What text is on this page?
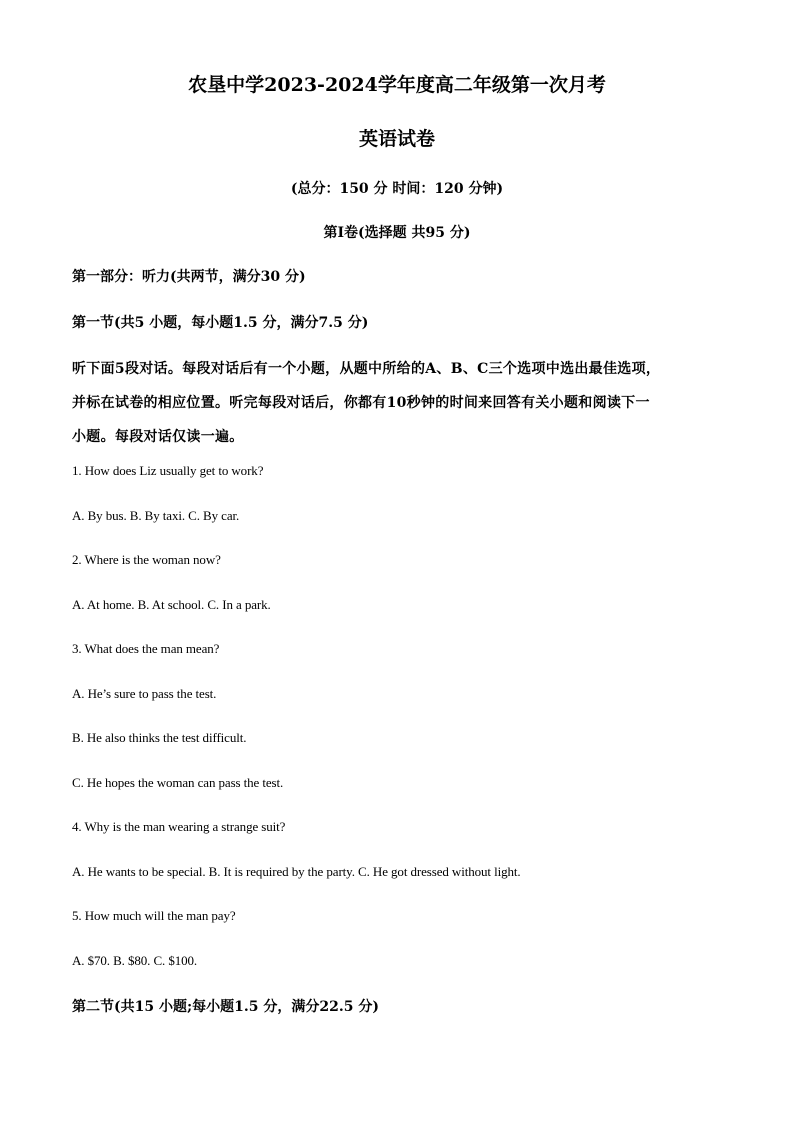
农垦中学2023-2024学年度高二年级第一次月考
英语试卷
(总分：150 分 时间：120 分钟)
第Ⅰ卷(选择题 共95 分)
第一部分：听力(共两节，满分30 分)
第一节(共5 小题，每小题1.5 分，满分7.5 分)
听下面5段对话。每段对话后有一个小题，从题中所给的A、B、C三个选项中选出最佳选项，
并标在试卷的相应位置。听完每段对话后，你都有10秒钟的时间来回答有关小题和阅读下一
小题。每段对话仅读一遍。
1. How does Liz usually get to work?
A. By bus. B. By taxi. C. By car.
2. Where is the woman now?
A. At home. B. At school. C. In a park.
3. What does the man mean?
A. He’s sure to pass the test.
B. He also thinks the test difficult.
C. He hopes the woman can pass the test.
4. Why is the man wearing a strange suit?
A. He wants to be special. B. It is required by the party. C. He got dressed without light.
5. How much will the man pay?
A. $70. B. $80. C. $100.
第二节(共15 小题;每小题1.5 分，满分22.5 分)
